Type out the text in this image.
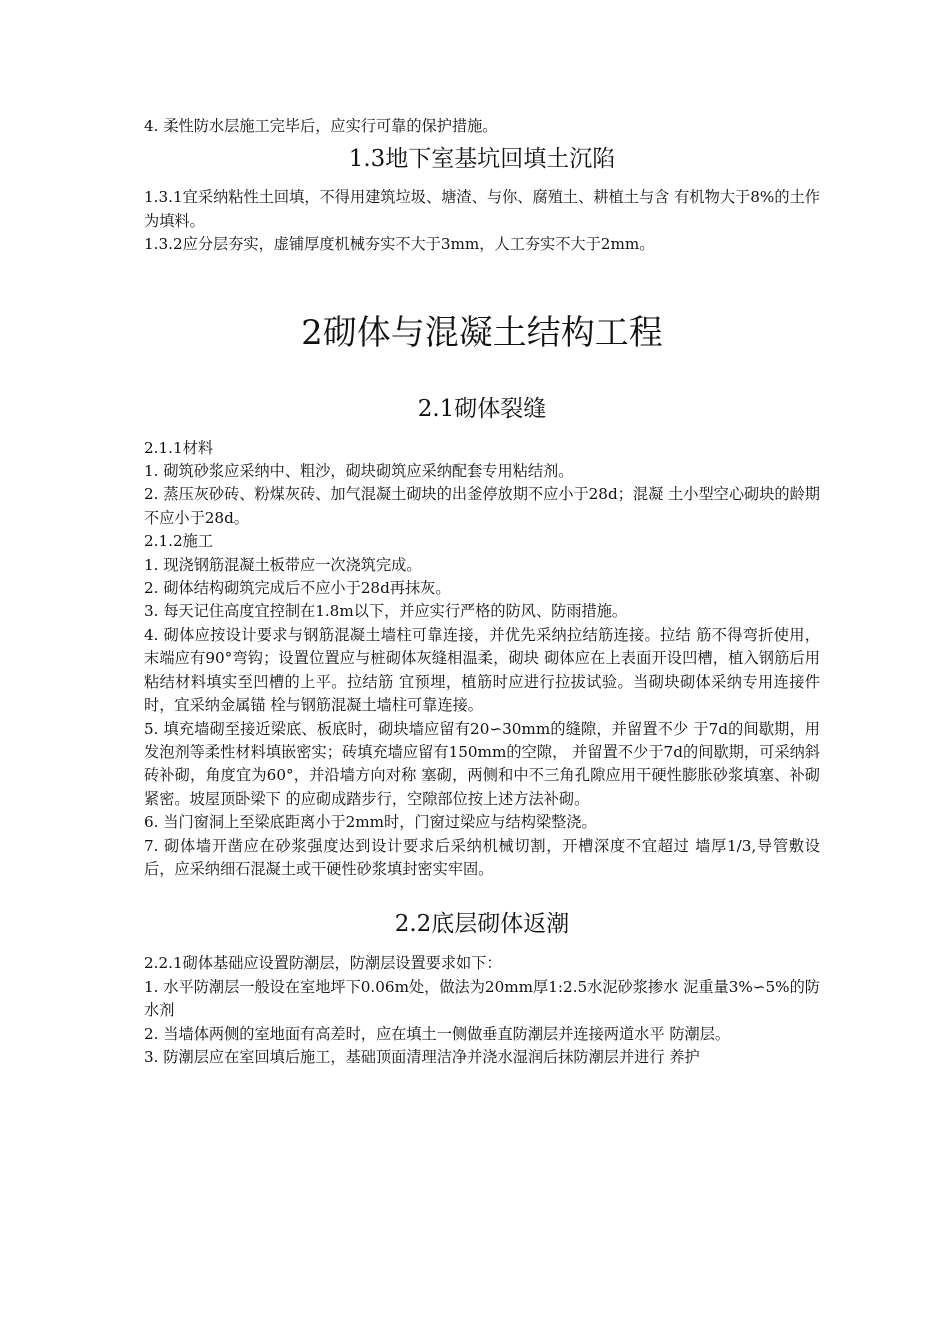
4. 柔性防水层施工完毕后，应实行可靠的保护措施。

1.3地下室基坑回填土沉陷

1.3.1宜采纳粘性土回填，不得用建筑垃圾、塘渣、与你、腐殖土、耕植土与含 有机物大于8%的土作为填料。

1.3.2应分层夯实，虚铺厚度机械夯实不大于3mm，人工夯实不大于2mm。

2砌体与混凝土结构工程
2.1砌体裂缝

2.1.1材料

1. 砌筑砂浆应采纳中、粗沙，砌块砌筑应采纳配套专用粘结剂。

2. 蒸压灰砂砖、粉煤灰砖、加气混凝土砌块的出釜停放期不应小于28d；混凝 土小型空心砌块的龄期不应小于28d。

2.1.2施工

1. 现浇钢筋混凝土板带应一次浇筑完成。

2. 砌体结构砌筑完成后不应小于28d再抹灰。

3. 每天记住高度宜控制在1.8m以下，并应实行严格的防风、防雨措施。

4. 砌体应按设计要求与钢筋混凝土墙柱可靠连接，并优先采纳拉结筋连接。拉结 筋不得弯折使用，末端应有90°弯钩；设置位置应与桩砌体灰缝相温柔，砌块 砌体应在上表面开设凹槽，植入钢筋后用粘结材料填实至凹槽的上平。拉结筋 宜预埋，植筋时应进行拉拔试验。当砌块砌体采纳专用连接件时，宜采纳金属锚 栓与钢筋混凝土墙柱可靠连接。

5. 填充墙砌至接近梁底、板底时，砌块墙应留有20∽30mm的缝隙，并留置不少 于7d的间歇期，用发泡剂等柔性材料填嵌密实；砖填充墙应留有150mm的空隙， 并留置不少于7d的间歇期，可采纳斜砖补砌，角度宜为60°，并沿墙方向对称 塞砌，两侧和中不三角孔隙应用干硬性膨胀砂浆填塞、补砌紧密。坡屋顶卧梁下 的应砌成踏步行，空隙部位按上述方法补砌。

6. 当门窗洞上至梁底距离小于2mm时，门窗过梁应与结构梁整浇。

7. 砌体墙开凿应在砂浆强度达到设计要求后采纳机械切割，开槽深度不宜超过 墙厚1/3,导管敷设后，应采纳细石混凝土或干硬性砂浆填封密实牢固。

2.2底层砌体返潮

2.2.1砌体基础应设置防潮层，防潮层设置要求如下：

1. 水平防潮层一般设在室地坪下0.06m处，做法为20mm厚1:2.5水泥砂浆掺水 泥重量3%∽5%的防水剂

2. 当墙体两侧的室地面有高差时，应在填土一侧做垂直防潮层并连接两道水平 防潮层。

3. 防潮层应在室回填后施工，基础顶面清理洁净并浇水湿润后抹防潮层并进行 养护
